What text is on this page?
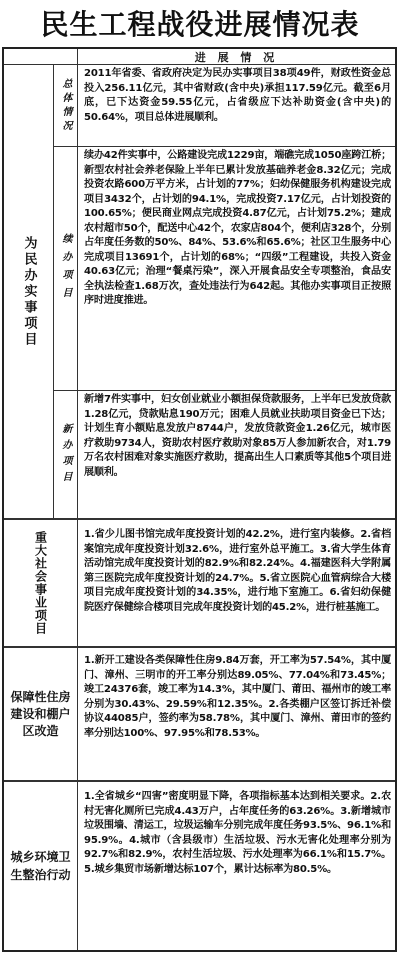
民生工程战役进展情况表
进 展 情 况
为民办实事项目
总体情况
2011年省委、省政府决定为民办实事项目38项49件，财政性资金总投入256.11亿元，其中省财政(含中央)承担117.59亿元。截至6月底，已下达资金59.55亿元，占省级应下达补助资金(含中央)的50.64%，项目总体进展顺利。
续办项目
续办42件实事中，公路建设完成1229亩，端礁完成1050座跨江桥；新型农村社会养老保险上半年已累计发放基础养老金8.32亿元；完成投资农路600万平方米，占计划的77%；妇幼保健服务机构建设完成项目3432个，占计划的94.1%，完成投资7.17亿元，占计划投资的100.65%；便民商业网点完成投资4.87亿元，占计划75.2%；建成农村超市50个，配送中心42个，农家店804个，便利店328个，分别占年度任务数的50%、84%、53.6%和65.6%；社区卫生服务中心完成项目13691个，占计划的68%；“四级”工程建设，共投入资金40.63亿元；治理“餐桌污染”，深入开展食品安全专项整治，食品安全执法检查1.68万次，查处违法行为642起。其他办实事项目正按照序时进度推进。
新办项目
新增7件实事中，妇女创业就业小额担保贷款服务，上半年已发放贷款1.28亿元，贷款贴息190万元；困难人员就业扶助项目资金已下达；计划生育小额贴息发放户8744户，发放贷款资金1.26亿元，城市医疗救助9734人，资助农村医疗救助对象85万人参加新农合，对1.79万名农村困难对象实施医疗救助，提高出生人口素质等其他5个项目进展顺利。
重大社会事业项目	1.省少儿图书馆完成年度投资计划的42.2%，进行室内装修。2.省档案馆完成年度投资计划32.6%，进行室外总平施工。3.省大学生体育活动馆完成年度投资计划的82.9%和82.24%。4.福建医科大学附属第三医院完成年度投资计划的24.7%。5.省立医院心血管病综合大楼项目完成年度投资计划的34.35%，进行地下室施工。6.省妇幼保健院医疗保健综合楼项目完成年度投资计划的45.2%，进行桩基施工。
保障性住房建设和棚户区改造
1.新开工建设各类保障性住房9.84万套，开工率为57.54%，其中厦门、漳州、三明市的开工率分别达89.05%、77.04%和73.45%；竣工24376套，竣工率为14.3%，其中厦门、莆田、福州市的竣工率分别为30.43%、29.59%和12.35%。2.各类棚户区签订拆迁补偿协议44085户，签约率为58.78%，其中厦门、漳州、莆田市的签约率分别达100%、97.95%和78.53%。
城乡环境卫生整治行动
1.全省城乡“四害”密度明显下降，各项指标基本达到相关要求。2.农村无害化厕所已完成4.43万户，占年度任务的63.26%。3.新增城市垃圾围墙、清运工，垃圾运输车分别完成年度任务93.5%、96.1%和95.9%。4.城市（含县级市）生活垃圾、污水无害化处理率分别为92.7%和82.9%，农村生活垃圾、污水处理率为66.1%和15.7%。5.城乡集贸市场新增达标107个，累计达标率为80.5%。
